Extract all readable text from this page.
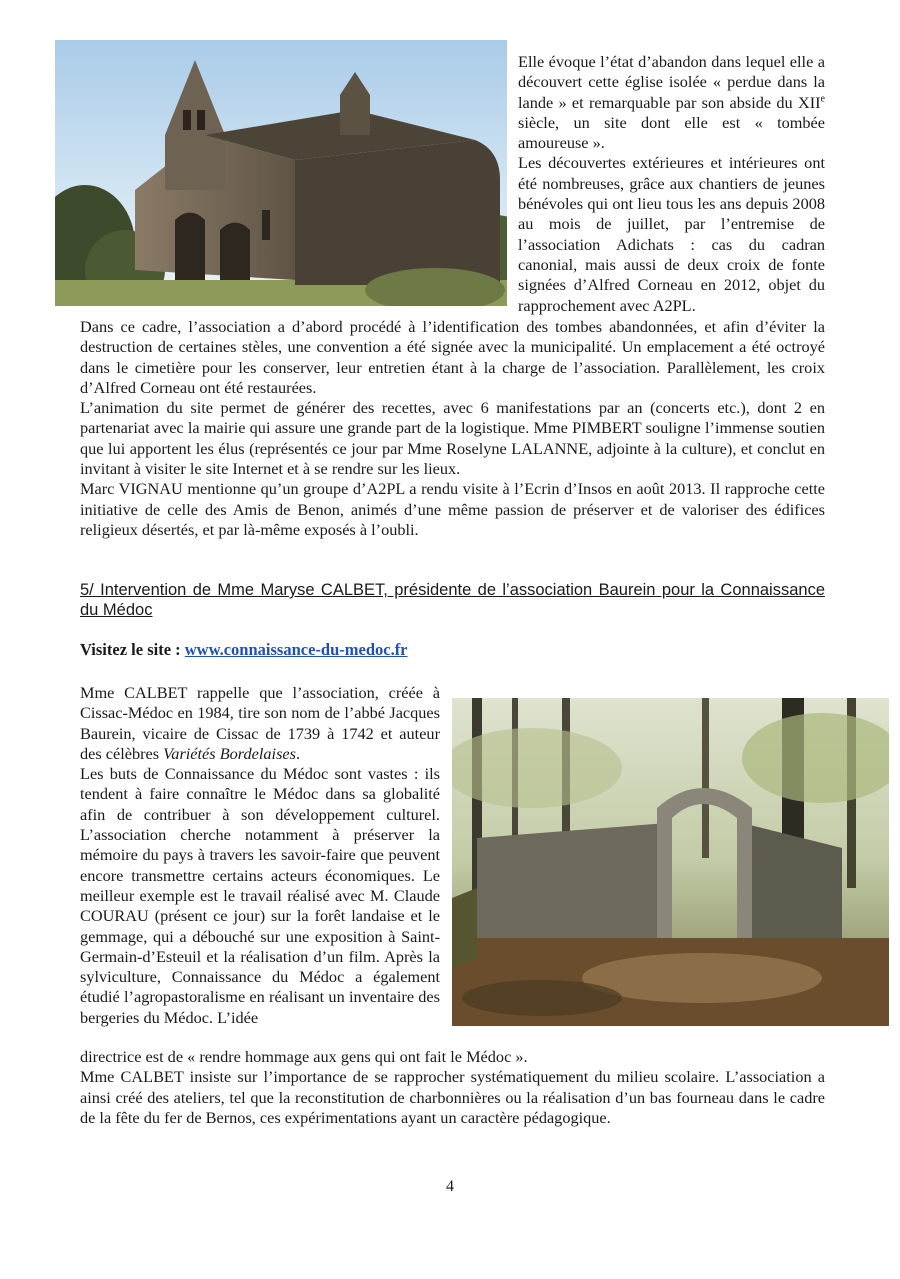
Elle évoque l’état d’abandon dans lequel elle a découvert cette église isolée « perdue dans la lande » et remarquable par son abside du XIIe siècle, un site dont elle est « tombée amoureuse ».

Les découvertes extérieures et intérieures ont été nombreuses, grâce aux chantiers de jeunes bénévoles qui ont lieu tous les ans depuis 2008 au mois de juillet, par l’entremise de l’association Adichats : cas du cadran canonial, mais aussi de deux croix de fonte signées d’Alfred Corneau en 2012, objet du rapprochement avec A2PL.

Dans ce cadre, l’association a d’abord procédé à l’identification des tombes abandonnées, et afin d’éviter la destruction de certaines stèles, une convention a été signée avec la municipalité. Un emplacement a été octroyé dans le cimetière pour les conserver, leur entretien étant à la charge de l’association. Parallèlement, les croix d’Alfred Corneau ont été restaurées.

L’animation du site permet de générer des recettes, avec 6 manifestations par an (concerts etc.), dont 2 en partenariat avec la mairie qui assure une grande part de la logistique. Mme PIMBERT souligne l’immense soutien que lui apportent les élus (représentés ce jour par Mme Roselyne LALANNE, adjointe à la culture), et conclut en invitant à visiter le site Internet et à se rendre sur les lieux.

Marc VIGNAU mentionne qu’un groupe d’A2PL a rendu visite à l’Ecrin d’Insos en août 2013. Il rapproche cette initiative de celle des Amis de Benon, animés d’une même passion de préserver et de valoriser des édifices religieux désertés, et par là-même exposés à l’oubli.

5/ Intervention de Mme Maryse CALBET, présidente de l’association Baurein pour la Connaissance du Médoc

Visitez le site : www.connaissance-du-medoc.fr

Mme CALBET rappelle que l’association, créée à Cissac-Médoc en 1984, tire son nom de l’abbé Jacques Baurein, vicaire de Cissac de 1739 à 1742 et auteur des célèbres Variétés Bordelaises.

Les buts de Connaissance du Médoc sont vastes : ils tendent à faire connaître le Médoc dans sa globalité afin de contribuer à son développement culturel. L’association cherche notamment à préserver la mémoire du pays à travers les savoir-faire que peuvent encore transmettre certains acteurs économiques. Le meilleur exemple est le travail réalisé avec M. Claude COURAU (présent ce jour) sur la forêt landaise et le gemmage, qui a débouché sur une exposition à Saint-Germain-d’Esteuil et la réalisation d’un film. Après la sylviculture, Connaissance du Médoc a également étudié l’agropastoralisme en réalisant un inventaire des bergeries du Médoc. L’idée

directrice est de « rendre hommage aux gens qui ont fait le Médoc ».

Mme CALBET insiste sur l’importance de se rapprocher systématiquement du milieu scolaire. L’association a ainsi créé des ateliers, tel que la reconstitution de charbonnières ou la réalisation d’un bas fourneau dans le cadre de la fête du fer de Bernos, ces expérimentations ayant un caractère pédagogique.

4
